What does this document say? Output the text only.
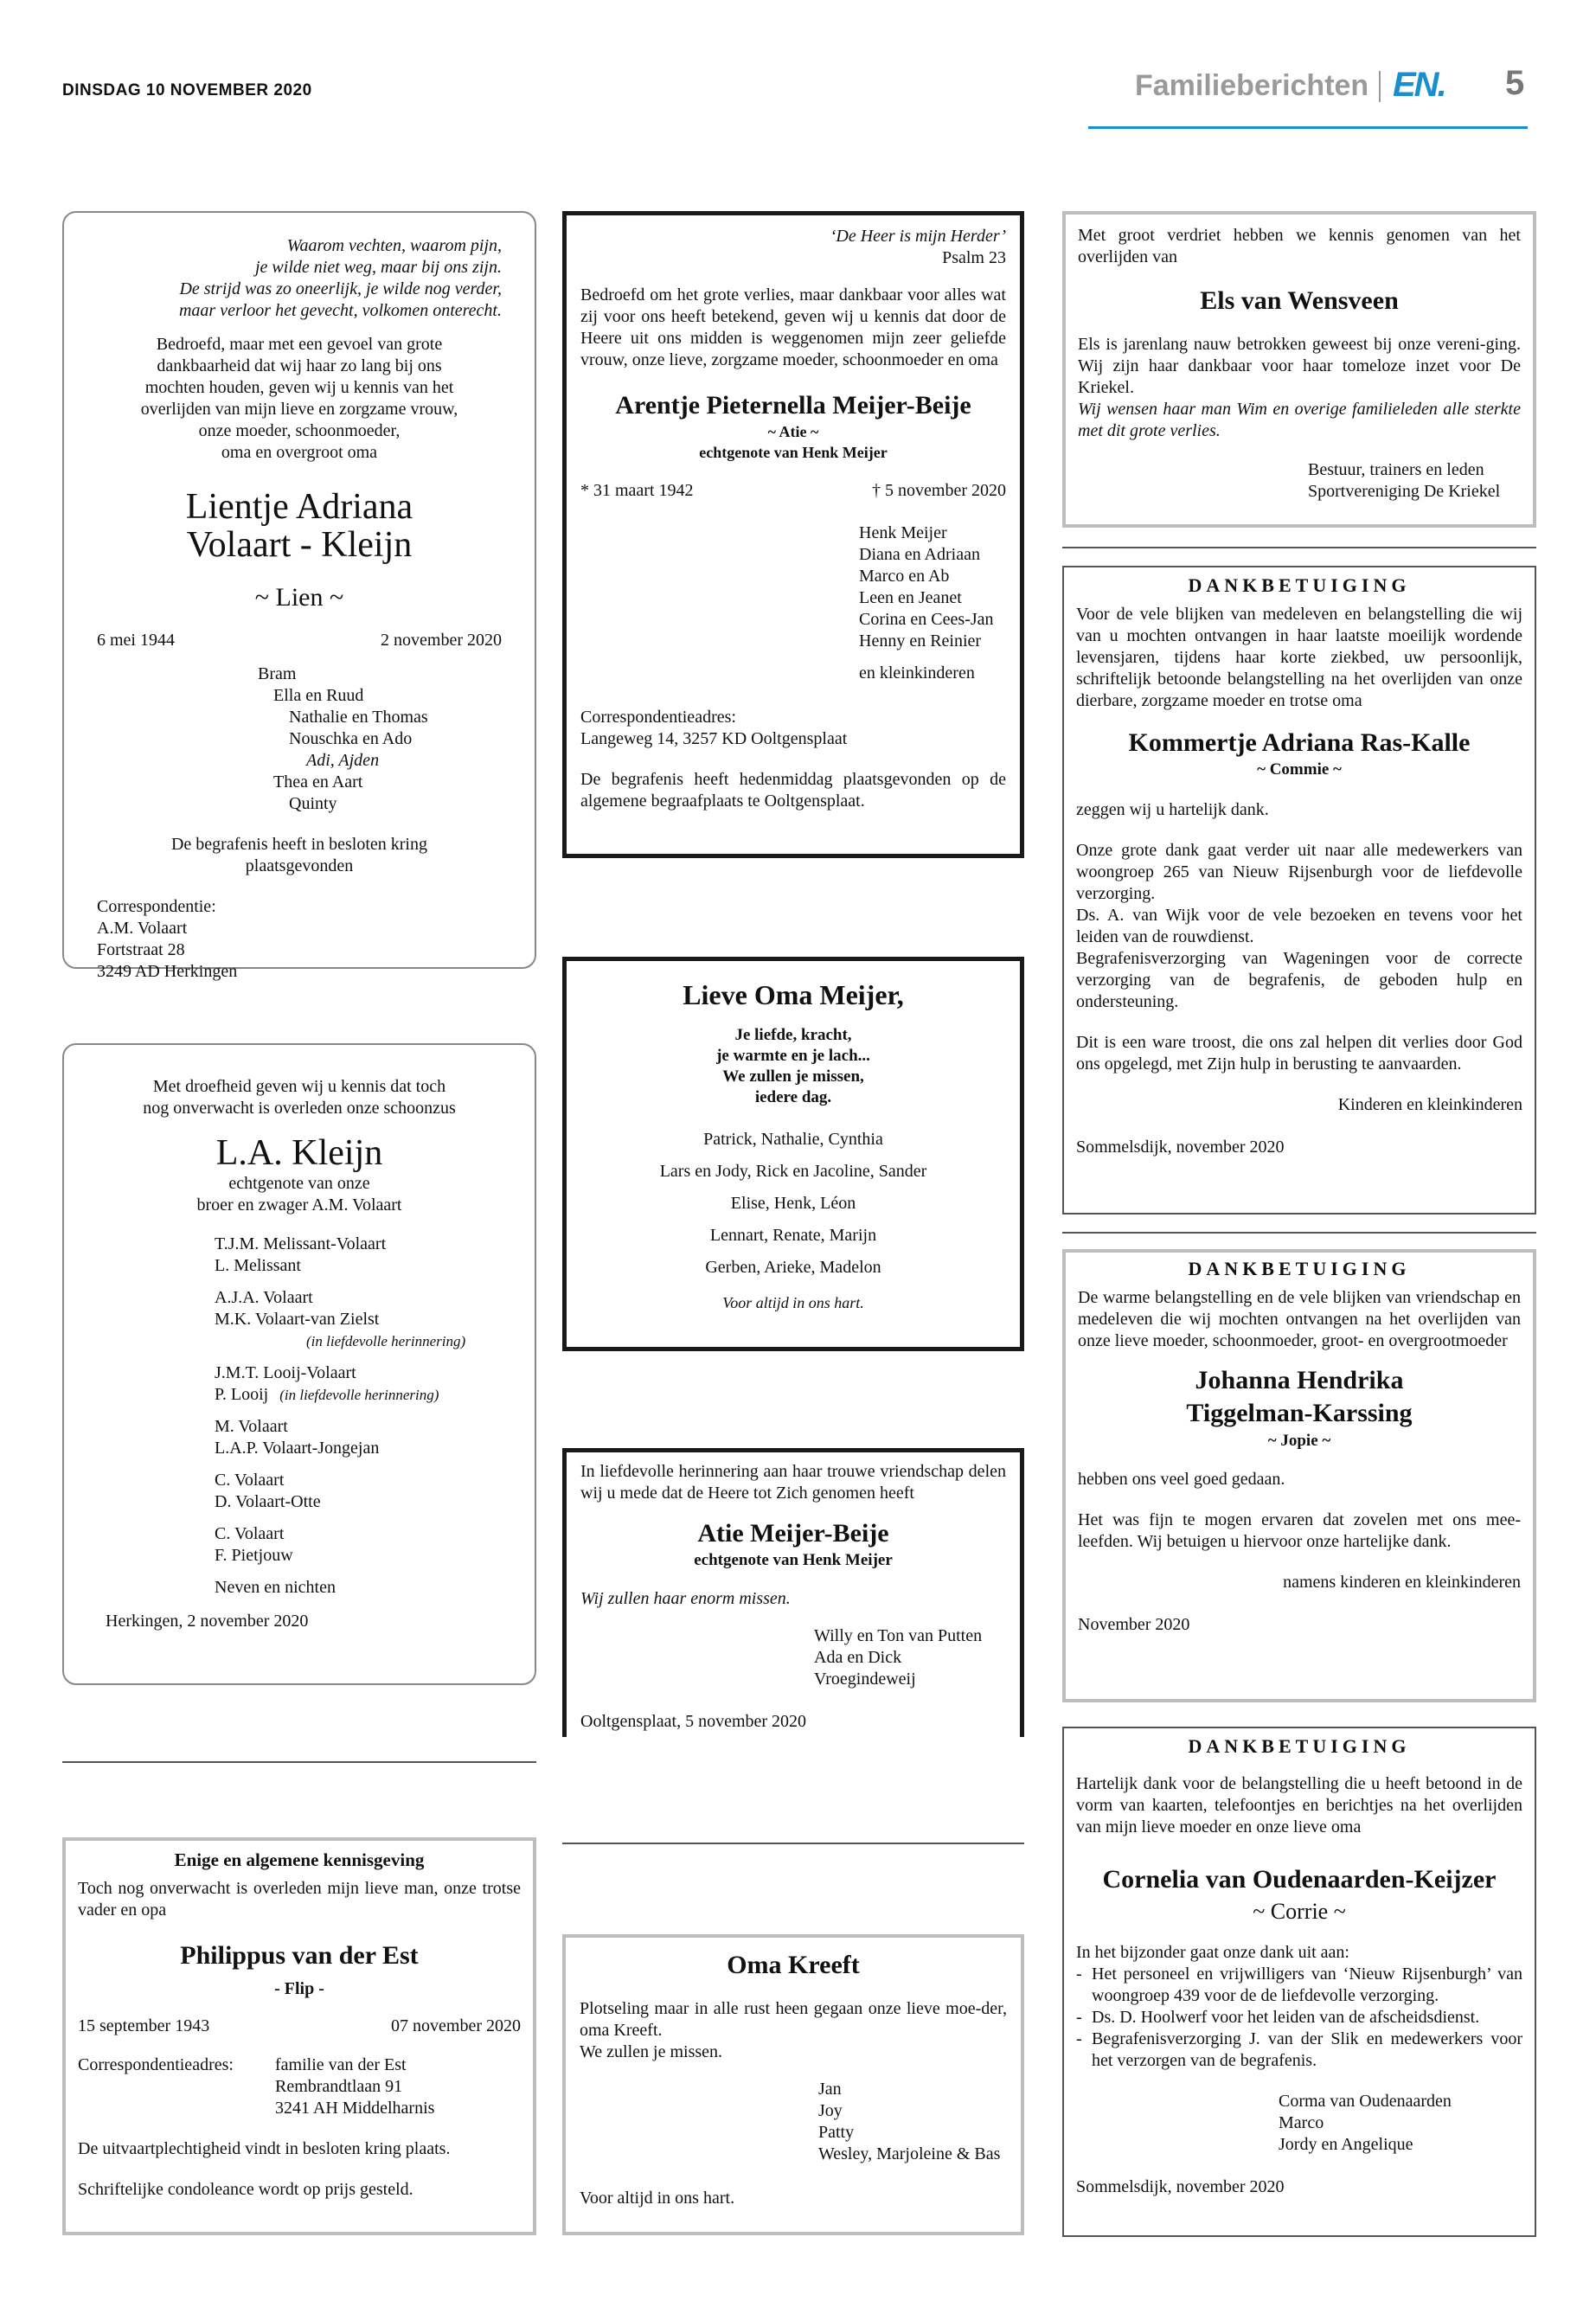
DINSDAG 10 NOVEMBER 2020	Familieberichten EN. 5
Waarom vechten, waarom pijn,
je wilde niet weg, maar bij ons zijn.
De strijd was zo oneerlijk, je wilde nog verder,
maar verloor het gevecht, volkomen onterecht.
Bedroefd, maar met een gevoel van grote
dankbaarheid dat wij haar zo lang bij ons
mochten houden, geven wij u kennis van het
overlijden van mijn lieve en zorgzame vrouw,
onze moeder, schoonmoeder,
oma en overgroot oma
Lientje Adriana
Volaart - Kleijn
~ Lien ~
6 mei 1944	2 november 2020
Bram
Ella en Ruud
Nathalie en Thomas
Nouschka en Ado
Adi, Ajden
Thea en Aart
Quinty
De begrafenis heeft in besloten kring
plaatsgevonden
Correspondentie:
A.M. Volaart
Fortstraat 28
3249 AD Herkingen
Met droefheid geven wij u kennis dat toch
nog onverwacht is overleden onze schoonzus
L.A. Kleijn
echtgenote van onze
broer en zwager A.M. Volaart
T.J.M. Melissant-Volaart
L. Melissant
A.J.A. Volaart
M.K. Volaart-van Zielst
(in liefdevolle herinnering)
J.M.T. Looij-Volaart
P. Looij (in liefdevolle herinnering)
M. Volaart
L.A.P. Volaart-Jongejan
C. Volaart
D. Volaart-Otte
C. Volaart
F. Pietjouw
Neven en nichten
Herkingen, 2 november 2020
Enige en algemene kennisgeving
Toch nog onverwacht is overleden mijn lieve man, onze trotse vader en opa
Philippus van der Est
- Flip -
15 september 1943	07 november 2020
Correspondentieadres:	familie van der Est
Rembrandtlaan 91
3241 AH Middelharnis
De uitvaartplechtigheid vindt in besloten kring plaats.
Schriftelijke condoleance wordt op prijs gesteld.
‘De Heer is mijn Herder’
Psalm 23
Bedroefd om het grote verlies, maar dankbaar voor alles wat zij voor ons heeft betekend, geven wij u kennis dat door de Heere uit ons midden is weggenomen mijn zeer geliefde vrouw, onze lieve, zorgzame moeder, schoonmoeder en oma
Arentje Pieternella Meijer-Beije
~ Atie ~
echtgenote van Henk Meijer
* 31 maart 1942	† 5 november 2020
Henk Meijer
Diana en Adriaan
Marco en Ab
Leen en Jeanet
Corina en Cees-Jan
Henny en Reinier
en kleinkinderen
Correspondentieadres:
Langeweg 14, 3257 KD Ooltgensplaat
De begrafenis heeft hedenmiddag plaatsgevonden op de algemene begraafplaats te Ooltgensplaat.
Lieve Oma Meijer,
Je liefde, kracht,
je warmte en je lach...
We zullen je missen,
iedere dag.
Patrick, Nathalie, Cynthia
Lars en Jody, Rick en Jacoline, Sander
Elise, Henk, Léon
Lennart, Renate, Marijn
Gerben, Arieke, Madelon
Voor altijd in ons hart.
In liefdevolle herinnering aan haar trouwe vriendschap delen wij u mede dat de Heere tot Zich genomen heeft
Atie Meijer-Beije
echtgenote van Henk Meijer
Wij zullen haar enorm missen.
Willy en Ton van Putten
Ada en Dick Vroegindeweij
Ooltgensplaat, 5 november 2020
Oma Kreeft
Plotseling maar in alle rust heen gegaan onze lieve moe-der, oma Kreeft.
We zullen je missen.
Jan
Joy
Patty
Wesley, Marjoleine & Bas
Voor altijd in ons hart.
Met groot verdriet hebben we kennis genomen van het overlijden van
Els van Wensveen
Els is jarenlang nauw betrokken geweest bij onze vereni-ging. Wij zijn haar dankbaar voor haar tomeloze inzet voor De Kriekel.
Wij wensen haar man Wim en overige familieleden alle sterkte met dit grote verlies.
Bestuur, trainers en leden
Sportvereniging De Kriekel
DANKBETUIGING
Voor de vele blijken van medeleven en belangstelling die wij van u mochten ontvangen in haar laatste moeilijk wordende levensjaren, tijdens haar korte ziekbed, uw persoonlijk, schriftelijk betoonde belangstelling na het overlijden van onze dierbare, zorgzame moeder en trotse oma
Kommertje Adriana Ras-Kalle
~ Commie ~
zeggen wij u hartelijk dank.
Onze grote dank gaat verder uit naar alle medewerkers van woongroep 265 van Nieuw Rijsenburgh voor de liefdevolle verzorging.
Ds. A. van Wijk voor de vele bezoeken en tevens voor het leiden van de rouwdienst.
Begrafenisverzorging van Wageningen voor de correcte verzorging van de begrafenis, de geboden hulp en ondersteuning.
Dit is een ware troost, die ons zal helpen dit verlies door God ons opgelegd, met Zijn hulp in berusting te aanvaarden.
Kinderen en kleinkinderen
Sommelsdijk, november 2020
DANKBETUIGING
De warme belangstelling en de vele blijken van vriendschap en medeleven die wij mochten ontvangen na het overlijden van onze lieve moeder, schoonmoeder, groot- en overgrootmoeder
Johanna Hendrika
Tiggelman-Karssing
~ Jopie ~
hebben ons veel goed gedaan.
Het was fijn te mogen ervaren dat zovelen met ons mee-leefden. Wij betuigen u hiervoor onze hartelijke dank.
namens kinderen en kleinkinderen
November 2020
DANKBETUIGING
Hartelijk dank voor de belangstelling die u heeft betoond in de vorm van kaarten, telefoontjes en berichtjes na het overlijden van mijn lieve moeder en onze lieve oma
Cornelia van Oudenaarden-Keijzer
~ Corrie ~
In het bijzonder gaat onze dank uit aan:
- Het personeel en vrijwilligers van ‘Nieuw Rijsenburgh’ van woongroep 439 voor de de liefdevolle verzorging.
- Ds. D. Hoolwerf voor het leiden van de afscheidsdienst.
- Begrafenisverzorging J. van der Slik en medewerkers voor het verzorgen van de begrafenis.
Corma van Oudenaarden
Marco
Jordy en Angelique
Sommelsdijk, november 2020
